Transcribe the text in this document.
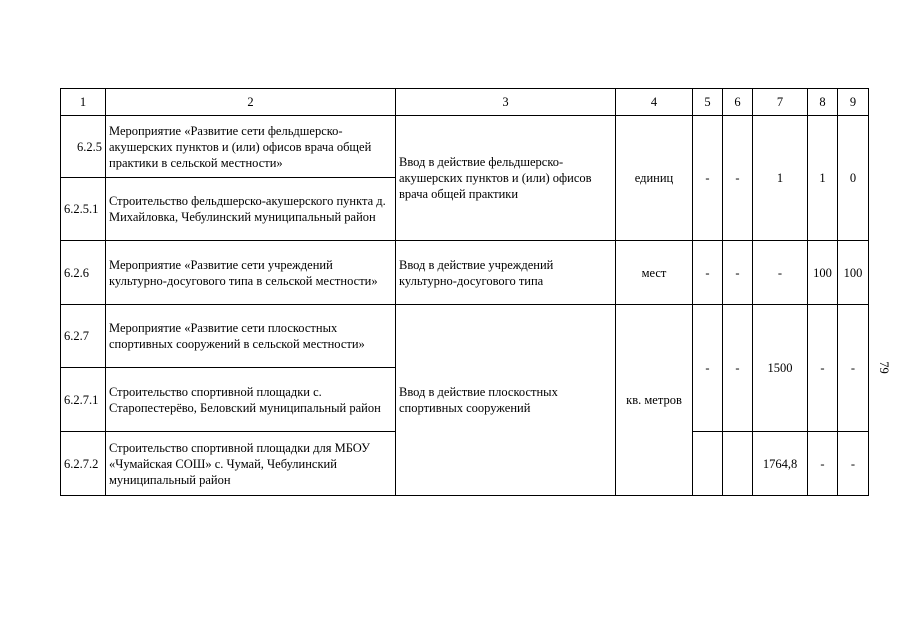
1	2	3	4	5	6	7	8	9
6.2.5	Мероприятие «Развитие сети фельдшерско-акушерских пунктов и (или) офисов врача общей практики в сельской местности»	Ввод в действие фельдшерско-акушерских пунктов и (или) офисов врача общей практики	единиц	-	-	1	1	0
6.2.5.1	Строительство фельдшерско-акушерского пункта д. Михайловка, Чебулинский муниципальный район							
6.2.6	Мероприятие «Развитие сети учреждений культурно-досугового типа в сельской местности»	Ввод в действие учреждений культурно-досугового типа	мест	-	-	-	100	100
6.2.7	Мероприятие «Развитие сети плоскостных спортивных сооружений в сельской местности»	Ввод в действие плоскостных спортивных сооружений	кв. метров	-	-	1500	-	-
6.2.7.1	Строительство спортивной площадки с. Старопестерёво, Беловский муниципальный район							
6.2.7.2	Строительство спортивной площадки для МБОУ «Чумайская СОШ» с. Чумай, Чебулинский муниципальный район					1764,8	-	-
79
